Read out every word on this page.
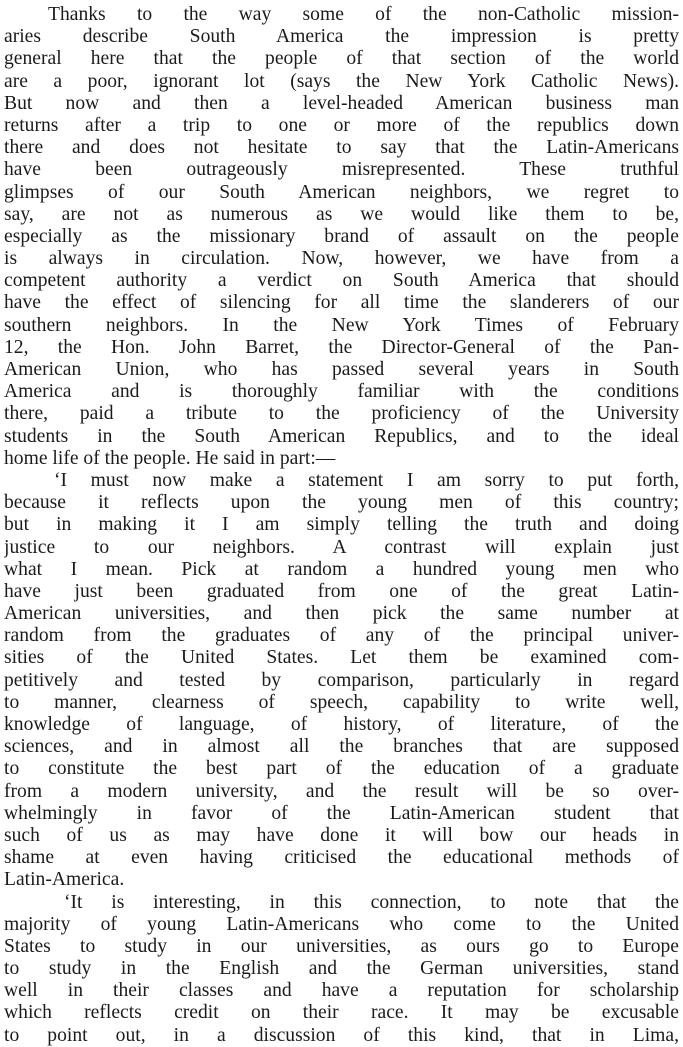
Thanks to the way some of the non-Catholic mission-
aries describe South America the impression is pretty
general here that the people of that section of the world
are a poor, ignorant lot (says the New York Catholic News).
But now and then a level-headed American business man
returns after a trip to one or more of the republics down
there and does not hesitate to say that the Latin-Americans
have been outrageously misrepresented. These truthful
glimpses of our South American neighbors, we regret to
say, are not as numerous as we would like them to be,
especially as the missionary brand of assault on the people
is always in circulation. Now, however, we have from a
competent authority a verdict on South America that should
have the effect of silencing for all time the slanderers of our
southern neighbors. In the New York Times of February
12, the Hon. John Barret, the Director-General of the Pan-
American Union, who has passed several years in South
America and is thoroughly familiar with the conditions
there, paid a tribute to the proficiency of the University
students in the South American Republics, and to the ideal
home life of the people. He said in part:—
‘I must now make a statement I am sorry to put forth,
because it reflects upon the young men of this country;
but in making it I am simply telling the truth and doing
justice to our neighbors. A contrast will explain just
what I mean. Pick at random a hundred young men who
have just been graduated from one of the great Latin-
American universities, and then pick the same number at
random from the graduates of any of the principal univer-
sities of the United States. Let them be examined com-
petitively and tested by comparison, particularly in regard
to manner, clearness of speech, capability to write well,
knowledge of language, of history, of literature, of the
sciences, and in almost all the branches that are supposed
to constitute the best part of the education of a graduate
from a modern university, and the result will be so over-
whelmingly in favor of the Latin-American student that
such of us as may have done it will bow our heads in
shame at even having criticised the educational methods of
Latin-America.
‘It is interesting, in this connection, to note that the
majority of young Latin-Americans who come to the United
States to study in our universities, as ours go to Europe
to study in the English and the German universities, stand
well in their classes and have a reputation for scholarship
which reflects credit on their race. It may be excusable
to point out, in a discussion of this kind, that in Lima,
